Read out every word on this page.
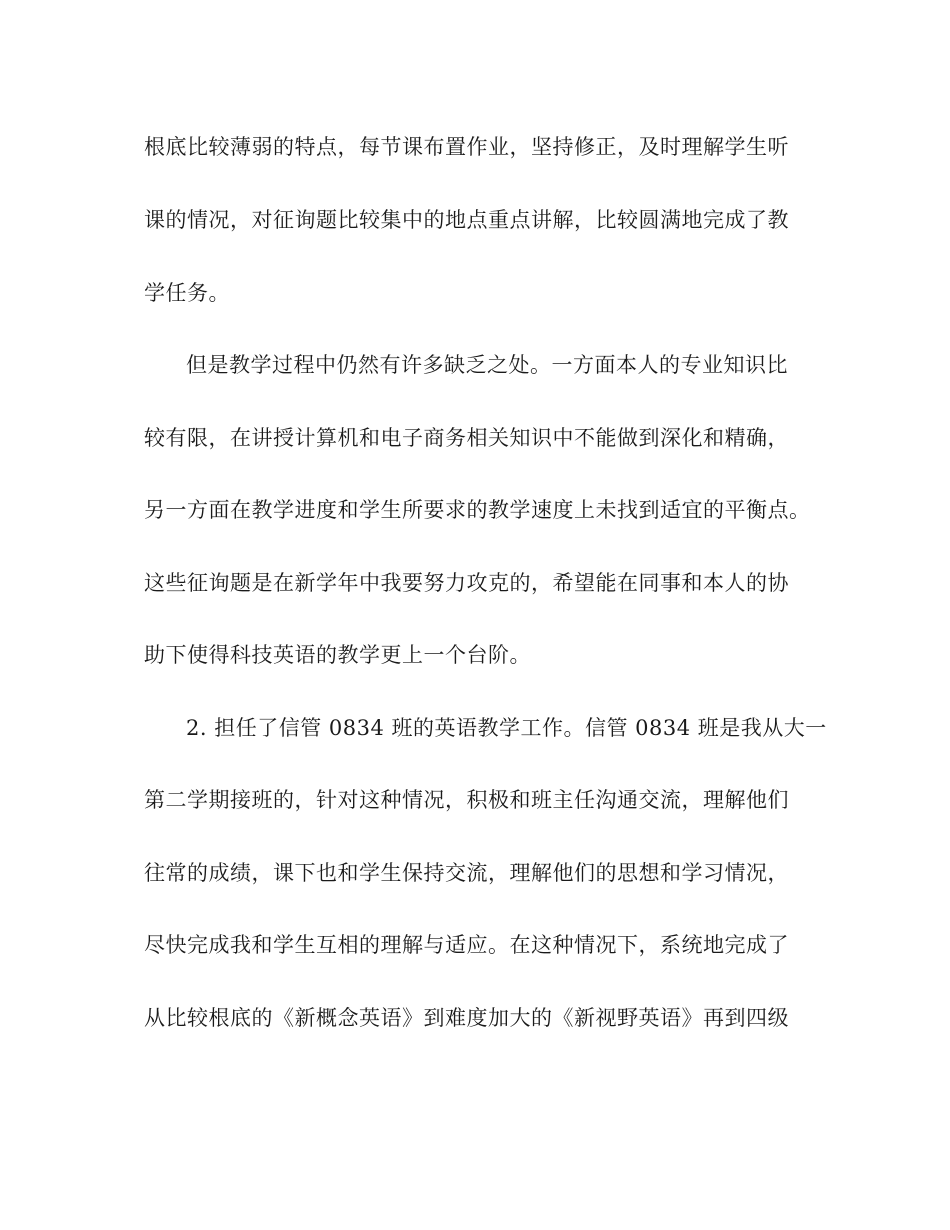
根底比较薄弱的特点，每节课布置作业，坚持修正，及时理解学生听
课的情况，对征询题比较集中的地点重点讲解，比较圆满地完成了教
学任务。
但是教学过程中仍然有许多缺乏之处。一方面本人的专业知识比
较有限，在讲授计算机和电子商务相关知识中不能做到深化和精确，
另一方面在教学进度和学生所要求的教学速度上未找到适宜的平衡点。
这些征询题是在新学年中我要努力攻克的，希望能在同事和本人的协
助下使得科技英语的教学更上一个台阶。
2. 担任了信管 0834 班的英语教学工作。信管 0834 班是我从大一
第二学期接班的，针对这种情况，积极和班主任沟通交流，理解他们
往常的成绩，课下也和学生保持交流，理解他们的思想和学习情况，
尽快完成我和学生互相的理解与适应。在这种情况下，系统地完成了
从比较根底的《新概念英语》到难度加大的《新视野英语》再到四级
